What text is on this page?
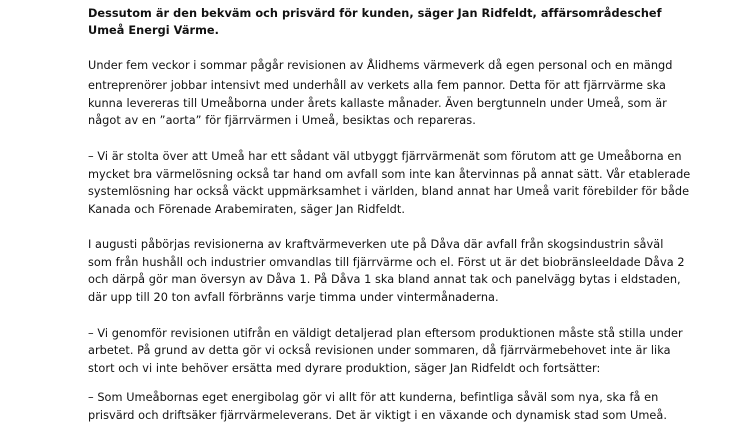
Dessutom är den bekväm och prisvärd för kunden, säger Jan Ridfeldt, affärsområdeschef
Umeå Energi Värme.
Under fem veckor i sommar pågår revisionen av Ålidhems värmeverk då egen personal och en mängd
entreprenörer jobbar intensivt med underhåll av verkets alla fem pannor. Detta för att fjärrvärme ska
kunna levereras till Umeåborna under årets kallaste månader. Även bergtunneln under Umeå, som är
något av en ”aorta” för fjärrvärmen i Umeå, besiktas och repareras.
– Vi är stolta över att Umeå har ett sådant väl utbyggt fjärrvärmenät som förutom att ge Umeåborna en
mycket bra värmelösning också tar hand om avfall som inte kan återvinnas på annat sätt. Vår etablerade
systemlösning har också väckt uppmärksamhet i världen, bland annat har Umeå varit förebilder för både
Kanada och Förenade Arabemiraten, säger Jan Ridfeldt.
I augusti påbörjas revisionerna av kraftvärmeverken ute på Dåva där avfall från skogsindustrin såväl
som från hushåll och industrier omvandlas till fjärrvärme och el. Först ut är det biobränsleeldade Dåva 2
och därpå gör man översyn av Dåva 1. På Dåva 1 ska bland annat tak och panelvägg bytas i eldstaden,
där upp till 20 ton avfall förbränns varje timma under vintermånaderna.
– Vi genomför revisionen utifrån en väldigt detaljerad plan eftersom produktionen måste stå stilla under
arbetet. På grund av detta gör vi också revisionen under sommaren, då fjärrvärmebehovet inte är lika
stort och vi inte behöver ersätta med dyrare produktion, säger Jan Ridfeldt och fortsätter:
– Som Umeåbornas eget energibolag gör vi allt för att kunderna, befintliga såväl som nya, ska få en
prisvärd och driftsäker fjärrvärmeleverans. Det är viktigt i en växande och dynamisk stad som Umeå.
